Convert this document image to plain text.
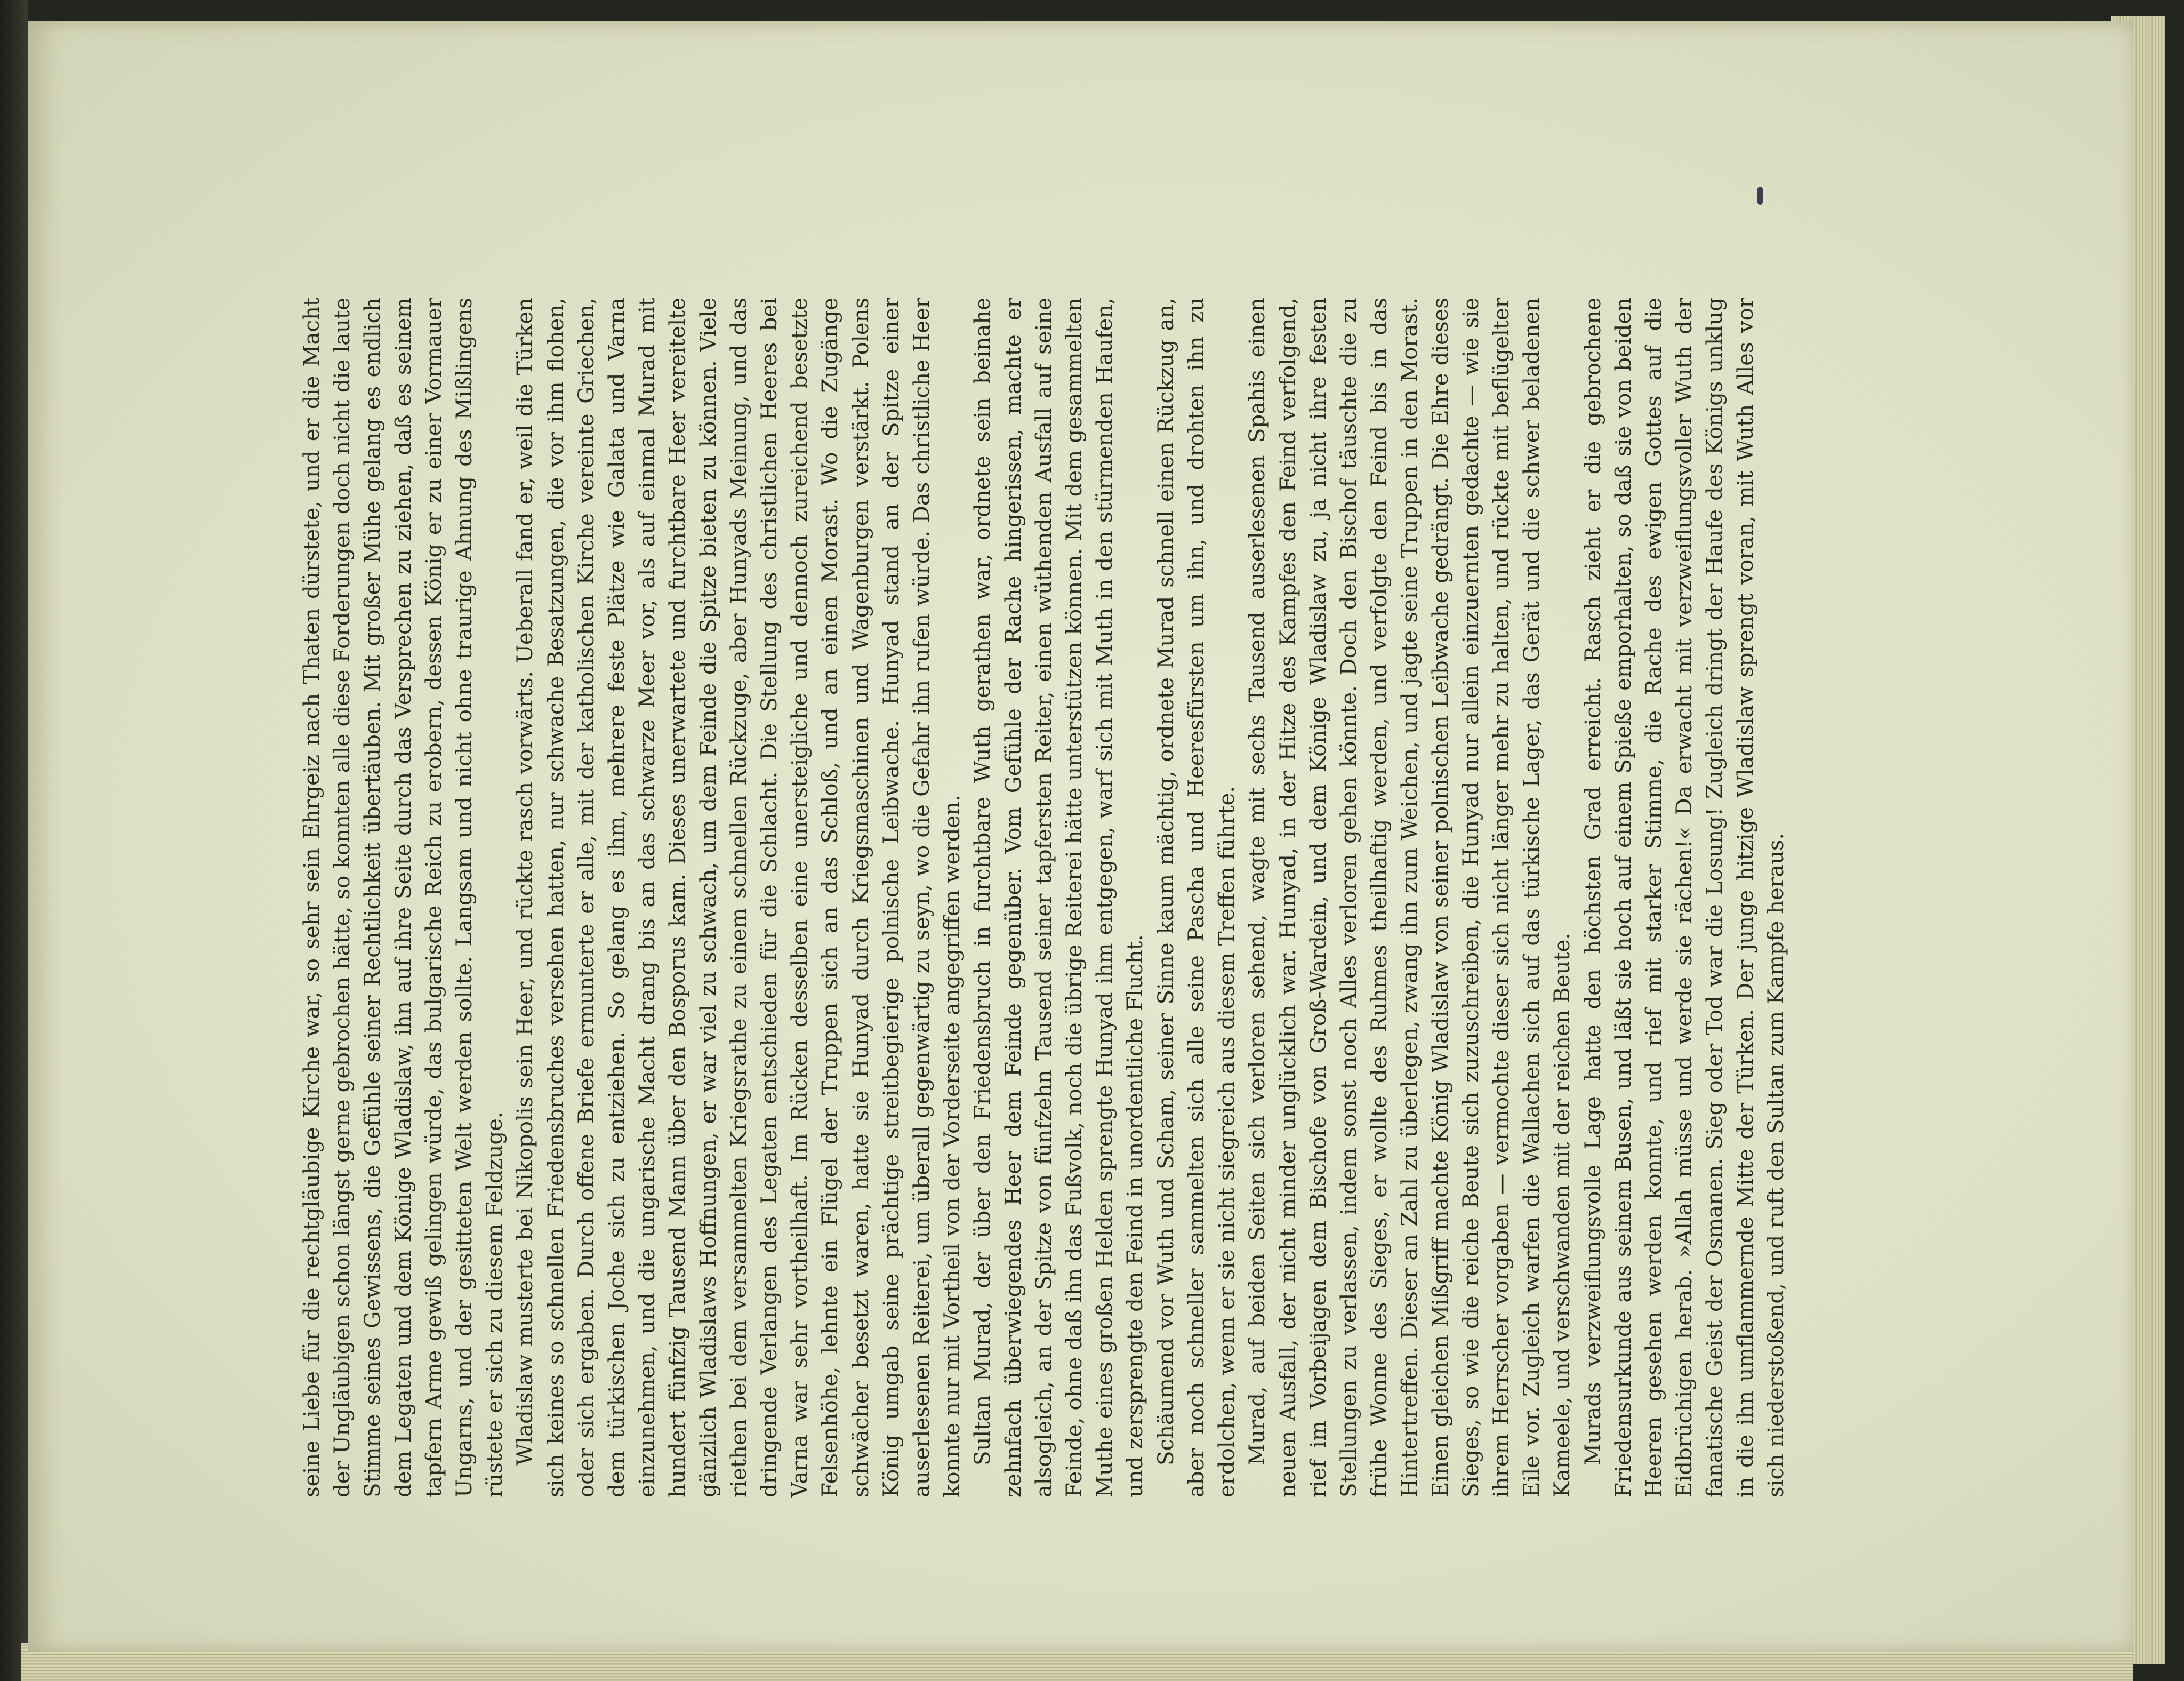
seine Liebe für die rechtgläubige Kirche war, so sehr sein Ehrgeiz nach Thaten dürstete, und er die Macht der Ungläubigen schon längst gerne gebrochen hätte, so konnten alle diese Forderungen doch nicht die laute Stimme seines Gewissens, die Gefühle seiner Rechtlichkeit übertäuben. Mit großer Mühe gelang es endlich dem Legaten und dem Könige Wladislaw, ihn auf ihre Seite durch das Versprechen zu ziehen, daß es seinem tapfern Arme gewiß gelingen würde, das bulgarische Reich zu erobern, dessen König er zu einer Vormauer Ungarns, und der gesitteten Welt werden sollte. Langsam und nicht ohne traurige Ahnung des Mißlingens rüstete er sich zu diesem Feldzuge. Wladislaw musterte bei Nikopolis sein Heer, und rückte rasch vorwärts. Ueberall fand er, weil die Türken sich keines so schnellen Friedensbruches versehen hatten, nur schwache Besatzungen, die vor ihm flohen, oder sich ergaben. Durch offene Briefe ermunterte er alle, mit der katholischen Kirche vereinte Griechen, dem türkischen Joche sich zu entziehen. So gelang es ihm, mehrere feste Plätze wie Galata und Varna einzunehmen, und die ungarische Macht drang bis an das schwarze Meer vor, als auf einmal Murad mit hundert fünfzig Tausend Mann über den Bosporus kam. Dieses unerwartete und furchtbare Heer vereitelte gänzlich Wladislaws Hoffnungen, er war viel zu schwach, um dem Feinde die Spitze bieten zu können. Viele riethen bei dem versammelten Kriegsrathe zu einem schnellen Rückzuge, aber Hunyads Meinung, und das dringende Verlangen des Legaten entschieden für die Schlacht. Die Stellung des christlichen Heeres bei Varna war sehr vortheilhaft. Im Rücken desselben eine unersteigliche und dennoch zureichend besetzte Felsenhöhe, lehnte ein Flügel der Truppen sich an das Schloß, und an einen Morast. Wo die Zugänge schwächer besetzt waren, hatte sie Hunyad durch Kriegsmaschinen und Wagenburgen verstärkt. Polens König umgab seine prächtige streitbegierige polnische Leibwache. Hunyad stand an der Spitze einer auserlesenen Reiterei, um überall gegenwärtig zu seyn, wo die Gefahr ihn rufen würde. Das christliche Heer konnte nur mit Vortheil von der Vorderseite angegriffen werden. Sultan Murad, der über den Friedensbruch in furchtbare Wuth gerathen war, ordnete sein beinahe zehnfach überwiegendes Heer dem Feinde gegenüber. Vom Gefühle der Rache hingerissen, machte er alsogleich, an der Spitze von fünfzehn Tausend seiner tapfersten Reiter, einen wüthenden Ausfall auf seine Feinde, ohne daß ihn das Fußvolk, noch die übrige Reiterei hätte unterstützen können. Mit dem gesammelten Muthe eines großen Helden sprengte Hunyad ihm entgegen, warf sich mit Muth in den stürmenden Haufen, und zersprengte den Feind in unordentliche Flucht. Schäumend vor Wuth und Scham, seiner Sinne kaum mächtig, ordnete Murad schnell einen Rückzug an, aber noch schneller sammelten sich alle seine Pascha und Heeresfürsten um ihn, und drohten ihn zu erdolchen, wenn er sie nicht siegreich aus diesem Treffen führte. Murad, auf beiden Seiten sich verloren sehend, wagte mit sechs Tausend auserlesenen Spahis einen neuen Ausfall, der nicht minder unglücklich war. Hunyad, in der Hitze des Kampfes den Feind verfolgend, rief im Vorbeijagen dem Bischofe von Groß-Wardein, und dem Könige Wladislaw zu, ja nicht ihre festen Stellungen zu verlassen, indem sonst noch Alles verloren gehen könnte. Doch den Bischof täuschte die zu frühe Wonne des Sieges, er wollte des Ruhmes theilhaftig werden, und verfolgte den Feind bis in das Hintertreffen. Dieser an Zahl zu überlegen, zwang ihn zum Weichen, und jagte seine Truppen in den Morast. Einen gleichen Mißgriff machte König Wladislaw von seiner polnischen Leibwache gedrängt. Die Ehre dieses Sieges, so wie die reiche Beute sich zuzuschreiben, die Hunyad nur allein einzuernten gedachte — wie sie ihrem Herrscher vorgaben — vermochte dieser sich nicht länger mehr zu halten, und rückte mit beflügelter Eile vor. Zugleich warfen die Wallachen sich auf das türkische Lager, das Gerät und die schwer beladenen Kameele, und verschwanden mit der reichen Beute. Murads verzweiflungsvolle Lage hatte den höchsten Grad erreicht. Rasch zieht er die gebrochene Friedensurkunde aus seinem Busen, und läßt sie hoch auf einem Spieße emporhalten, so daß sie von beiden Heeren gesehen werden konnte, und rief mit starker Stimme, die Rache des ewigen Gottes auf die Eidbrüchigen herab. »Allah müsse und werde sie rächen!« Da erwacht mit verzweiflungsvoller Wuth der fanatische Geist der Osmanen. Sieg oder Tod war die Losung! Zugleich dringt der Haufe des Königs unklug in die ihn umflammernde Mitte der Türken. Der junge hitzige Wladislaw sprengt voran, mit Wuth Alles vor sich niederstoßend, und ruft den Sultan zum Kampfe heraus.
